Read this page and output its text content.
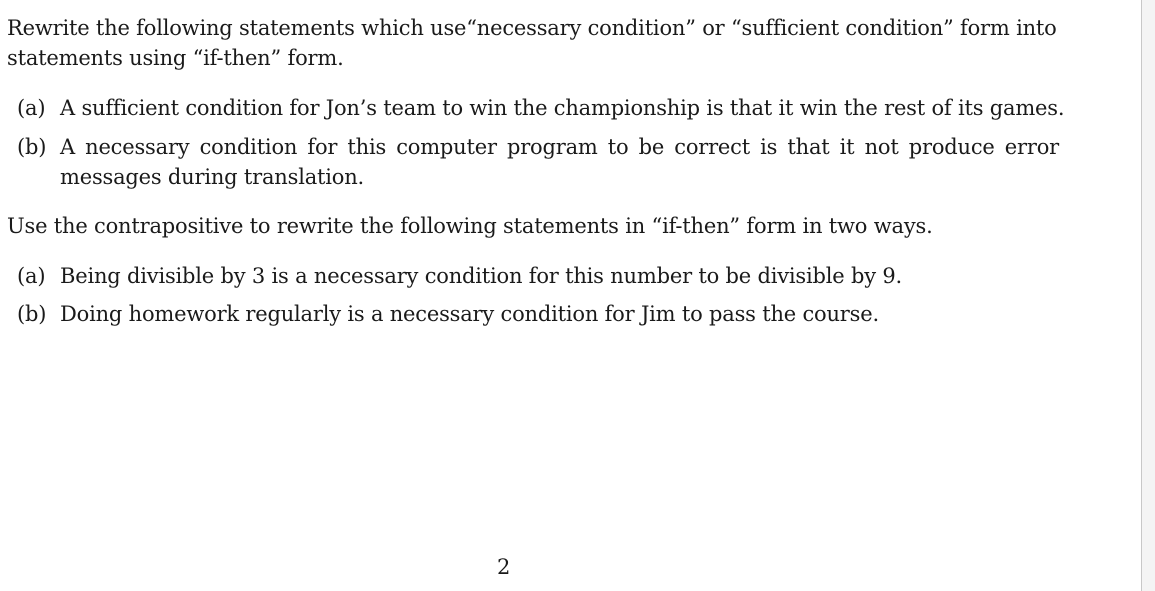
Rewrite the following statements which use“necessary condition” or “sufficient condition” form into
statements using “if-then” form.

(a) A sufficient condition for Jon’s team to win the championship is that it win the rest of its games.
(b) A necessary condition for this computer program to be correct is that it not produce error
messages during translation.

Use the contrapositive to rewrite the following statements in “if-then” form in two ways.

(a) Being divisible by 3 is a necessary condition for this number to be divisible by 9.
(b) Doing homework regularly is a necessary condition for Jim to pass the course.
2
